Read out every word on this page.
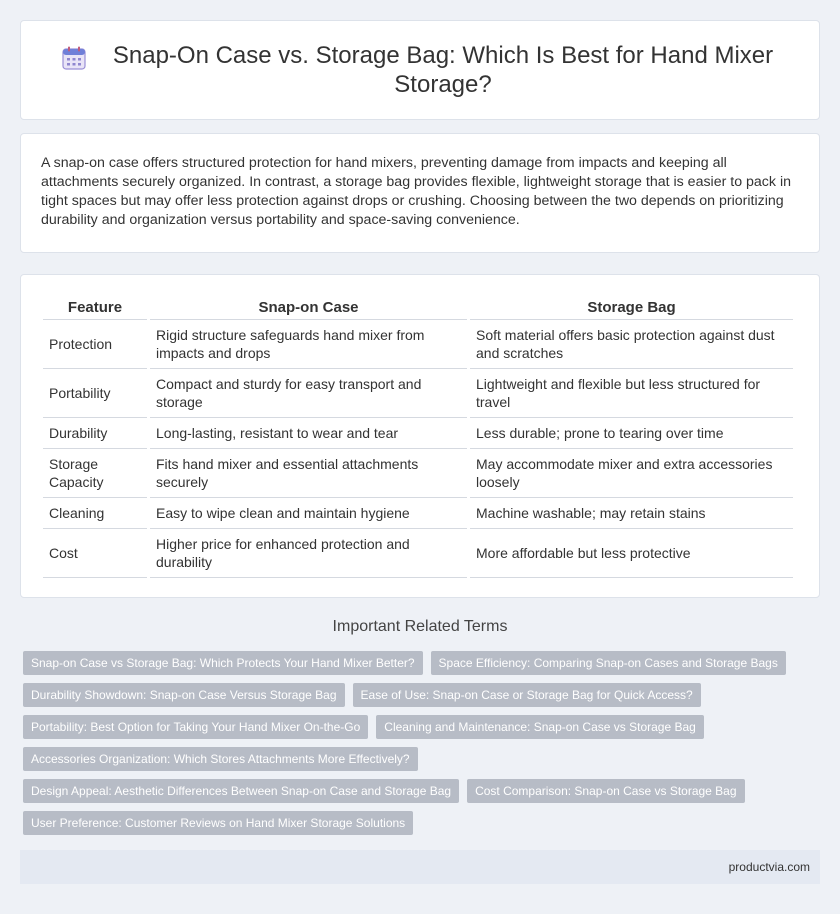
Snap-On Case vs. Storage Bag: Which Is Best for Hand Mixer Storage?

A snap-on case offers structured protection for hand mixers, preventing damage from impacts and keeping all attachments securely organized. In contrast, a storage bag provides flexible, lightweight storage that is easier to pack in tight spaces but may offer less protection against drops or crushing. Choosing between the two depends on prioritizing durability and organization versus portability and space-saving convenience.

Feature	Snap-on Case	Storage Bag
Protection	Rigid structure safeguards hand mixer from impacts and drops	Soft material offers basic protection against dust and scratches
Portability	Compact and sturdy for easy transport and storage	Lightweight and flexible but less structured for travel
Durability	Long-lasting, resistant to wear and tear	Less durable; prone to tearing over time
Storage Capacity	Fits hand mixer and essential attachments securely	May accommodate mixer and extra accessories loosely
Cleaning	Easy to wipe clean and maintain hygiene	Machine washable; may retain stains
Cost	Higher price for enhanced protection and durability	More affordable but less protective
Important Related Terms
Snap-on Case vs Storage Bag: Which Protects Your Hand Mixer Better?	Space Efficiency: Comparing Snap-on Cases and Storage Bags
Durability Showdown: Snap-on Case Versus Storage Bag	Ease of Use: Snap-on Case or Storage Bag for Quick Access?
Portability: Best Option for Taking Your Hand Mixer On-the-Go	Cleaning and Maintenance: Snap-on Case vs Storage Bag
Accessories Organization: Which Stores Attachments More Effectively?
Design Appeal: Aesthetic Differences Between Snap-on Case and Storage Bag	Cost Comparison: Snap-on Case vs Storage Bag
User Preference: Customer Reviews on Hand Mixer Storage Solutions
productvia.com
